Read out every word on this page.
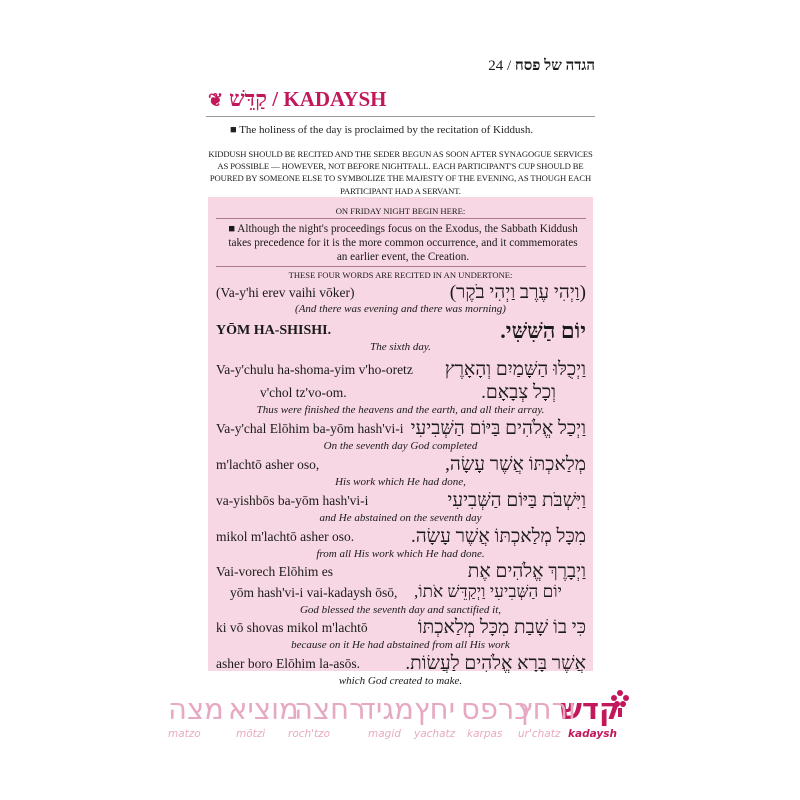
24 / הגדה של פסח
❦ קַדֵּשׁ / KADAYSH
■ The holiness of the day is proclaimed by the recitation of Kiddush.
KIDDUSH SHOULD BE RECITED AND THE SEDER BEGUN AS SOON AFTER SYNAGOGUE SERVICES
AS POSSIBLE — HOWEVER, NOT BEFORE NIGHTFALL. EACH PARTICIPANT'S CUP SHOULD BE
POURED BY SOMEONE ELSE TO SYMBOLIZE THE MAJESTY OF THE EVENING, AS THOUGH EACH
PARTICIPANT HAD A SERVANT.
ON FRIDAY NIGHT BEGIN HERE:
■ Although the night's proceedings focus on the Exodus, the Sabbath Kiddush
takes precedence for it is the more common occurrence, and it commemorates
an earlier event, the Creation.
THESE FOUR WORDS ARE RECITED IN AN UNDERTONE:
(Va-y'hi erev vaihi vōker)	(וַיְהִי עֶרֶב וַיְהִי בֹקֶר)
(And there was evening and there was morning)
YŌM HA-SHISHI.	יוֹם הַשִּׁשִּׁי.
The sixth day.
Va-y'chulu ha-shoma-yim v'ho-oretz וַיְכֻלּוּ הַשָּׁמַיִם וְהָאָרֶץ
v'chol tz'vo-om.	וְכָל צְבָאָם.
Thus were finished the heavens and the earth, and all their array.
Va-y'chal Elōhim ba-yōm hash'vi-i וַיְכַל אֱלֹהִים בַּיּוֹם הַשְּׁבִיעִי
On the seventh day God completed
m'lachtō asher oso,	מְלַאכְתּוֹ אֲשֶׁר עָשָׂה,
His work which He had done,
va-yishbōs ba-yōm hash'vi-i	וַיִּשְׁבֹּת בַּיּוֹם הַשְּׁבִיעִי
and He abstained on the seventh day
mikol m'lachtō asher oso.	מִכָּל מְלַאכְתּוֹ אֲשֶׁר עָשָׂה.
from all His work which He had done.
Vai-vorech Elōhim es	וַיְבָרֶךְ אֱלֹהִים אֶת
yōm hash'vi-i vai-kadaysh ōsō, יוֹם הַשְּׁבִיעִי וַיְקַדֵּשׁ אֹתוֹ,
God blessed the seventh day and sanctified it,
ki vō shovas mikol m'lachtō	כִּי בוֹ שָׁבַת מִכָּל מְלַאכְתּוֹ
because on it He had abstained from all His work
asher boro Elōhim la-asōs. אֲשֶׁר בָּרָא אֱלֹהִים לַעֲשׂוֹת.
which God created to make.
קדש
ורחץ
כרפס
יחץ
מגיד
רחצה
מוציא
מצה
kadaysh
ur'chatz
karpas
yachatz
magid
roch'tzo
mōtzi
matzo
